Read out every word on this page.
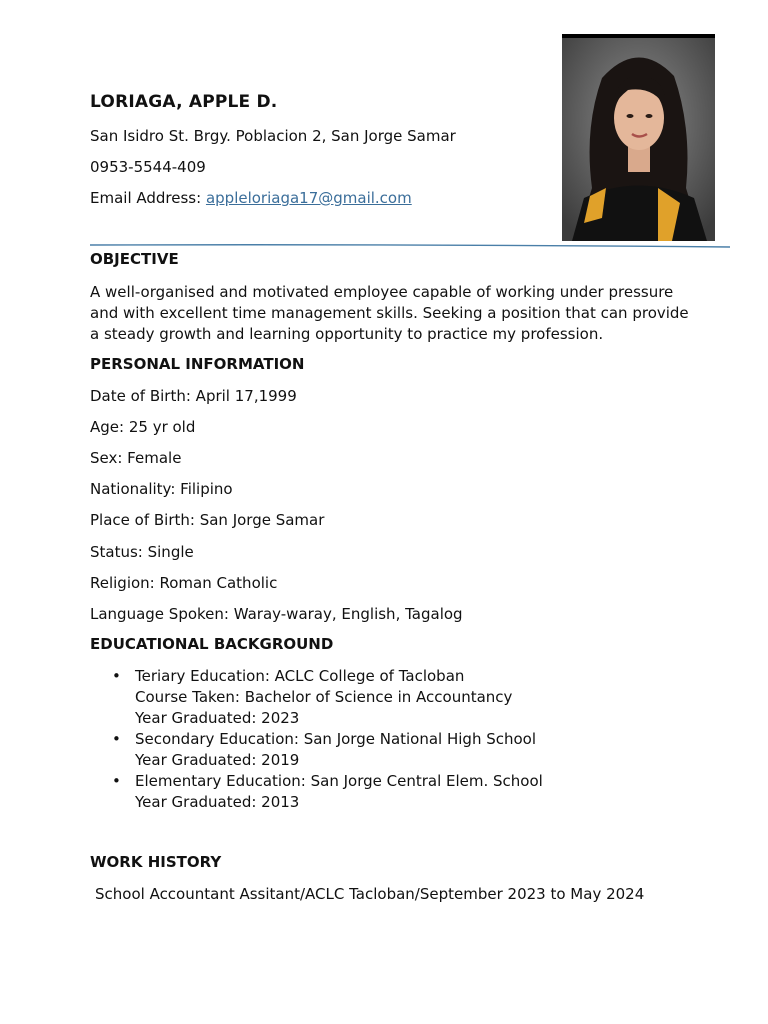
LORIAGA, APPLE D.
San Isidro St. Brgy. Poblacion 2, San Jorge Samar
0953-5544-409
Email Address: appleloriaga17@gmail.com
OBJECTIVE
A well-organised and motivated employee capable of working under pressure and with excellent time management skills. Seeking a position that can provide a steady growth and learning opportunity to practice my profession.
PERSONAL INFORMATION
Date of Birth: April 17,1999
Age: 25 yr old
Sex: Female
Nationality: Filipino
Place of Birth: San Jorge Samar
Status: Single
Religion: Roman Catholic
Language Spoken: Waray-waray, English, Tagalog
EDUCATIONAL BACKGROUND
• Teriary Education: ACLC College of Tacloban
Course Taken: Bachelor of Science in Accountancy
Year Graduated: 2023
• Secondary Education: San Jorge National High School
Year Graduated: 2019
• Elementary Education: San Jorge Central Elem. School
Year Graduated: 2013
WORK HISTORY
School Accountant Assitant/ACLC Tacloban/September 2023 to May 2024
